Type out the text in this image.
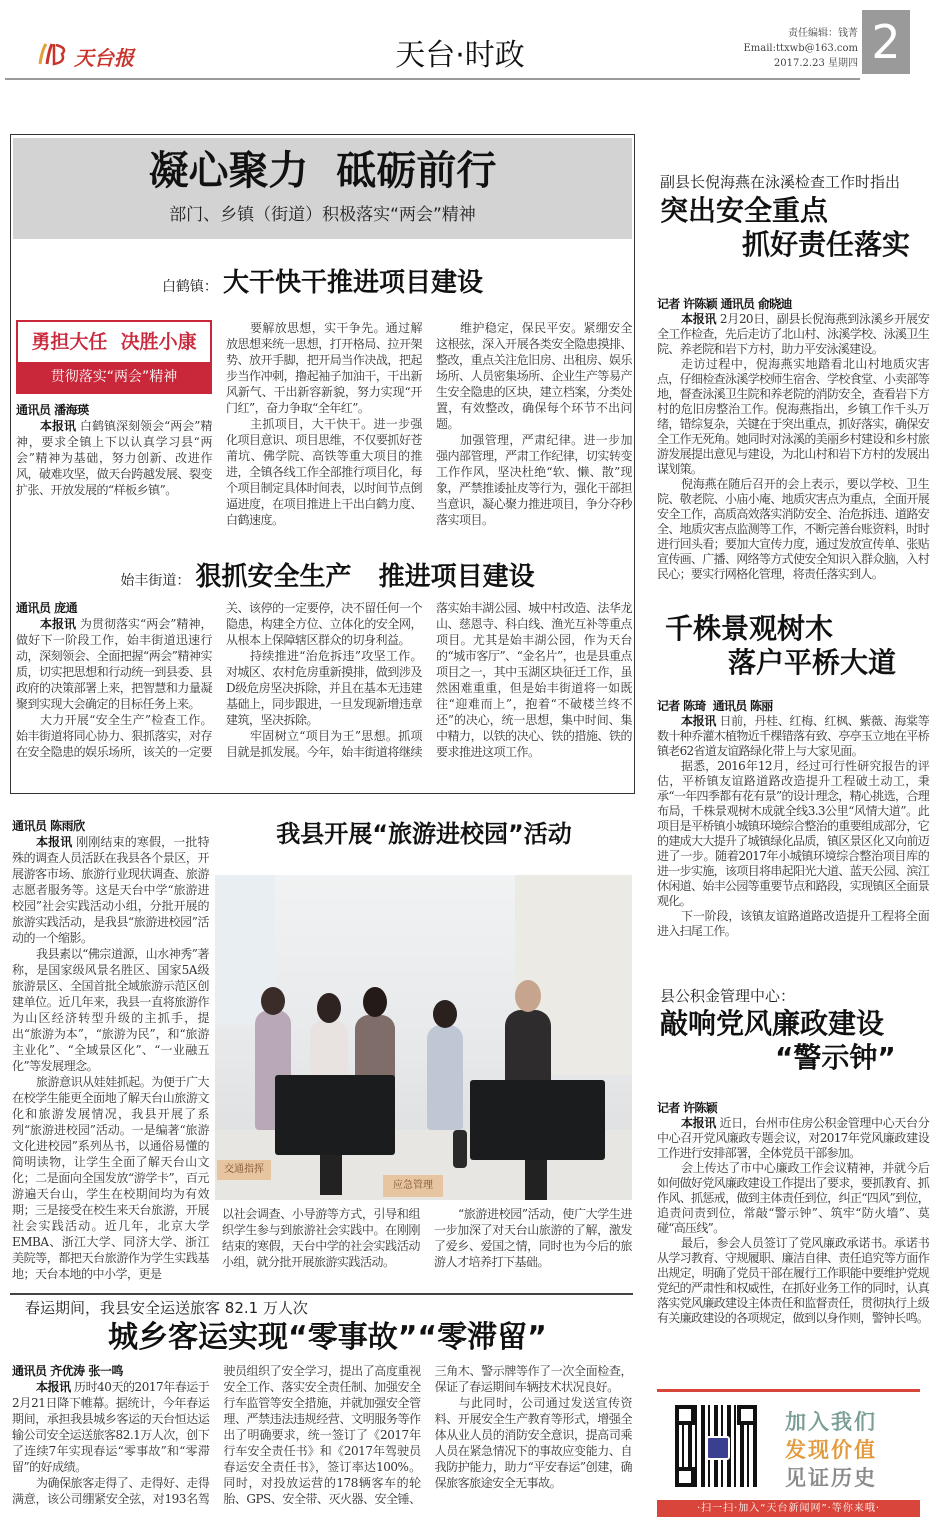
天台报	天台·时政
责任编辑：钱菁
Email:ttxwb@163.com
2017.2.23 星期四 2
凝心聚力  砥砺前行
部门、乡镇（街道）积极落实“两会”精神
白鹤镇： 大干快干推进项目建设
勇担大任  决胜小康
贯彻落实“两会”精神
通讯员 潘海瑛

本报讯 白鹤镇深刻领会“两会”精神，要求全镇上下以认真学习县“两会”精神为基础，努力创新、改进作风，破难攻坚，做天台跨越发展、裂变扩张、开放发展的“样板乡镇”。

要解放思想，实干争先。通过解放思想来统一思想，打开格局、拉开架势、放开手脚，把开局当作决战，把起步当作冲刺，撸起袖子加油干，干出新风新气、干出新容新貌，努力实现“开门红”，奋力争取“全年红”。

主抓项目，大干快干。进一步强化项目意识、项目思维，不仅要抓好苍莆坑、佛学院、高铁等重大项目的推进，全镇各线工作全部推行项目化，每个项目制定具体时间表，以时间节点倒逼进度，在项目推进上干出白鹤力度、白鹤速度。

维护稳定，保民平安。紧绷安全这根弦，深入开展各类安全隐患摸排、整改，重点关注危旧房、出租房、娱乐场所、人员密集场所、企业生产等易产生安全隐患的区块，建立档案，分类处置，有效整改，确保每个环节不出问题。

加强管理，严肃纪律。进一步加强内部管理，严肃工作纪律，切实转变工作作风，坚决杜绝“软、懒、散”现象，严禁推诿扯皮等行为，强化干部担当意识，凝心聚力推进项目，争分夺秒落实项目。

始丰街道： 狠抓安全生产   推进项目建设
通讯员 庞通

本报讯 为贯彻落实“两会”精神，做好下一阶段工作，始丰街道迅速行动，深刻领会、全面把握“两会”精神实质，切实把思想和行动统一到县委、县政府的决策部署上来，把智慧和力量凝聚到实现大会确定的目标任务上来。

大力开展“安全生产”检查工作。始丰街道将同心协力、狠抓落实，对存在安全隐患的娱乐场所，该关的一定要关、该停的一定要停，决不留任何一个隐患，构建全方位、立体化的安全网，从根本上保障辖区群众的切身利益。

持续推进“治危拆违”攻坚工作。对城区、农村危房重新摸排，做到涉及D级危房坚决拆除，并且在基本无违建基础上，同步跟进，一旦发现新增违章建筑，坚决拆除。

牢固树立“项目为王”思想。抓项目就是抓发展。今年，始丰街道将继续落实始丰湖公园、城中村改造、法华龙山、慈恩寺、科白线、渔光互补等重点项目。尤其是始丰湖公园，作为天台的“城市客厅”、“金名片”，也是县重点项目之一，其中玉湖区块征迁工作，虽然困难重重，但是始丰街道将一如既往“迎难而上”，抱着“不破楼兰终不还”的决心，统一思想，集中时间、集中精力，以铁的决心、铁的措施、铁的要求推进这项工作。

通讯员 陈雨欣

本报讯 刚刚结束的寒假，一批特殊的调查人员活跃在我县各个景区，开展游客市场、旅游行业现状调查、旅游志愿者服务等。这是天台中学“旅游进校园”社会实践活动小组，分批开展的旅游实践活动，是我县“旅游进校园”活动的一个缩影。

我县素以“佛宗道源，山水神秀”著称，是国家级风景名胜区、国家5A级旅游景区、全国首批全域旅游示范区创建单位。近几年来，我县一直将旅游作为山区经济转型升级的主抓手，提出“旅游为本”，“旅游为民”，和“旅游主业化”、“全域景区化”、“一业融五化”等发展理念。

旅游意识从娃娃抓起。为便于广大在校学生能更全面地了解天台山旅游文化和旅游发展情况，我县开展了系列“旅游进校园”活动。一是编著“旅游文化进校园”系列丛书，以通俗易懂的简明读物，让学生全面了解天台山文化；二是面向全国发放“游学卡”，百元游遍天台山，学生在校期间均为有效期；三是接受在校生来天台旅游，开展社会实践活动。近几年，北京大学EMBA、浙江大学、同济大学、浙江美院等，都把天台旅游作为学生实践基地；天台本地的中小学，更是

我县开展“旅游进校园”活动
交通指挥
应急管理

以社会调查、小导游等方式，引导和组织学生参与到旅游社会实践中。在刚刚结束的寒假，天台中学的社会实践活动小组，就分批开展旅游实践活动。

“旅游进校园”活动，使广大学生进一步加深了对天台山旅游的了解，激发了爱乡、爱国之情，同时也为今后的旅游人才培养打下基础。

春运期间，我县安全运送旅客 82.1 万人次
城乡客运实现“零事故”“零滞留”
通讯员 齐优涛 张一鸣

本报讯 历时40天的2017年春运于2月21日降下帷幕。据统计，今年春运期间，承担我县城乡客运的天台恒达运输公司安全运送旅客82.1万人次，创下了连续7年实现春运“零事故”和“零滞留”的好成绩。

为确保旅客走得了、走得好、走得满意，该公司绷紧安全弦，对193名驾驶员组织了安全学习，提出了高度重视安全工作、落实安全责任制、加强安全行车监管等安全措施，并就加强安全管理、严禁违法违规经营、文明服务等作出了明确要求，统一签订了《2017年行车安全责任书》和《2017年驾驶员春运安全责任书》，签订率达100%。同时，对投放运营的178辆客车的轮胎、GPS、安全带、灭火器、安全锤、三角木、警示牌等作了一次全面检查，保证了春运期间车辆技术状况良好。

与此同时，公司通过发送宣传资料、开展安全生产教育等形式，增强全体从业人员的消防安全意识，提高司乘人员在紧急情况下的事故应变能力、自我防护能力，助力“平安春运”创建，确保旅客旅途安全无事故。

副县长倪海燕在泳溪检查工作时指出
突出安全重点
抓好责任落实
记者 许陈颖 通讯员 俞晓迪

本报讯 2月20日，副县长倪海燕到泳溪乡开展安全工作检查，先后走访了北山村、泳溪学校、泳溪卫生院、养老院和岩下方村，助力平安泳溪建设。

走访过程中，倪海燕实地踏看北山村地质灾害点，仔细检查泳溪学校师生宿舍、学校食堂、小卖部等地，督查泳溪卫生院和养老院的消防安全，查看岩下方村的危旧房整治工作。倪海燕指出，乡镇工作千头万绪，错综复杂，关键在于突出重点，抓好落实，确保安全工作无死角。她同时对泳溪的美丽乡村建设和乡村旅游发展提出意见与建设，为北山村和岩下方村的发展出谋划策。

倪海燕在随后召开的会上表示，要以学校、卫生院、敬老院、小庙小庵、地质灾害点为重点，全面开展安全工作，高质高效落实消防安全、治危拆违、道路安全、地质灾害点监测等工作，不断完善台账资料，时时进行回头看；要加大宣传力度，通过发放宣传单、张贴宣传画、广播、网络等方式使安全知识入群众脑，入村民心；要实行网格化管理，将责任落实到人。

千株景观树木
落户平桥大道
记者 陈琦  通讯员 陈丽

本报讯 日前，丹桂、红梅、红枫、紫薇、海棠等数十种乔灌木植物近千棵错落有致、亭亭玉立地在平桥镇老62省道友谊路绿化带上与大家见面。

据悉，2016年12月，经过可行性研究报告的评估，平桥镇友谊路道路改造提升工程破土动工，秉承“一年四季都有花有景”的设计理念，精心挑选，合理布局，千株景观树木成就全线3.3公里“风情大道”。此项目是平桥镇小城镇环境综合整治的重要组成部分，它的建成大大提升了城镇绿化品质，镇区景区化又向前迈进了一步。随着2017年小城镇环境综合整治项目库的进一步实施，该项目将串起阳光大道、蓝天公园、滨江休闲道、始丰公园等重要节点和路段，实现镇区全面景观化。

下一阶段，该镇友谊路道路改造提升工程将全面进入扫尾工作。

县公积金管理中心：
敲响党风廉政建设
“警示钟”
记者 许陈颖

本报讯 近日，台州市住房公积金管理中心天台分中心召开党风廉政专题会议，对2017年党风廉政建设工作进行安排部署，全体党员干部参加。

会上传达了市中心廉政工作会议精神，并就今后如何做好党风廉政建设工作提出了要求，要抓教育、抓作风、抓惩戒，做到主体责任到位，纠正“四风”到位，追责问责到位，常敲“警示钟”、筑牢“防火墙”、莫碰“高压线”。

最后，参会人员签订了党风廉政承诺书。承诺书从学习教育、守规履职、廉洁自律、责任追究等方面作出规定，明确了党员干部在履行工作职能中要维护党规党纪的严肃性和权威性，在抓好业务工作的同时，认真落实党风廉政建设主体责任和监督责任，贯彻执行上级有关廉政建设的各项规定，做到以身作则，警钟长鸣。

加入我们
发现价值
见证历史
·扫一扫·加入“天台新闻网”·等你来哦·
